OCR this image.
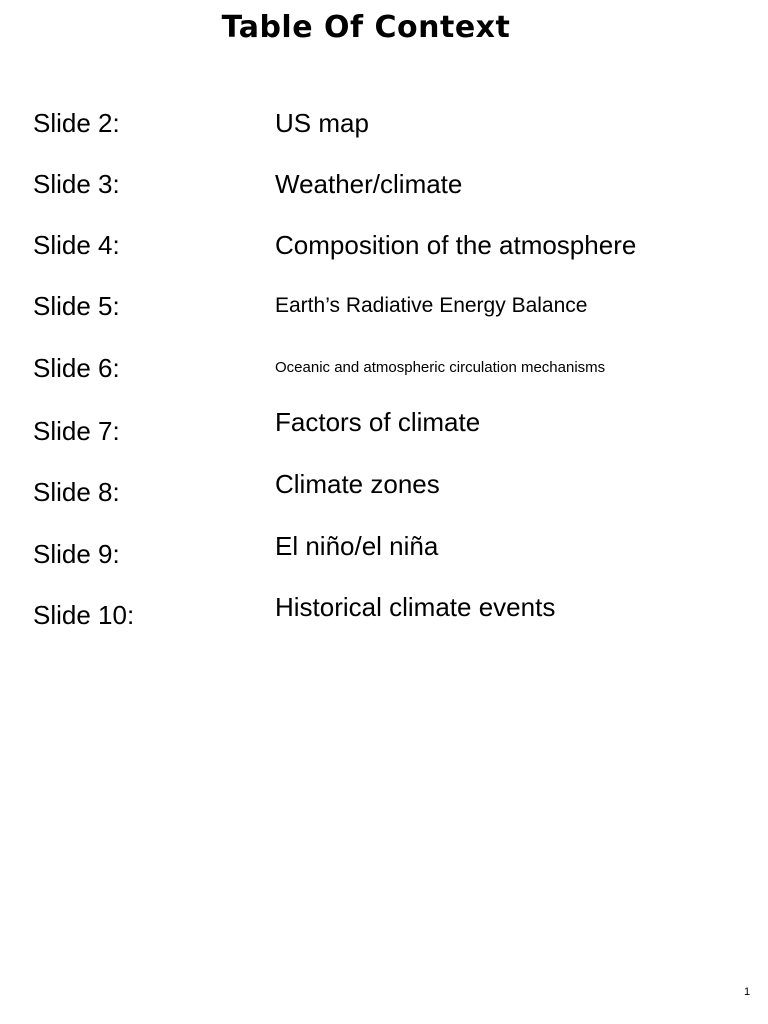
Table Of Context
Slide 2:	US map
Slide 3:	Weather/climate
Slide 4:	Composition of the atmosphere
Slide 5:	Earth’s Radiative Energy Balance
Slide 6:	Oceanic and atmospheric circulation mechanisms
Slide 7:	Factors of climate
Slide 8:	Climate zones
Slide 9:	El niño/el niña
Slide 10:	Historical climate events
1
